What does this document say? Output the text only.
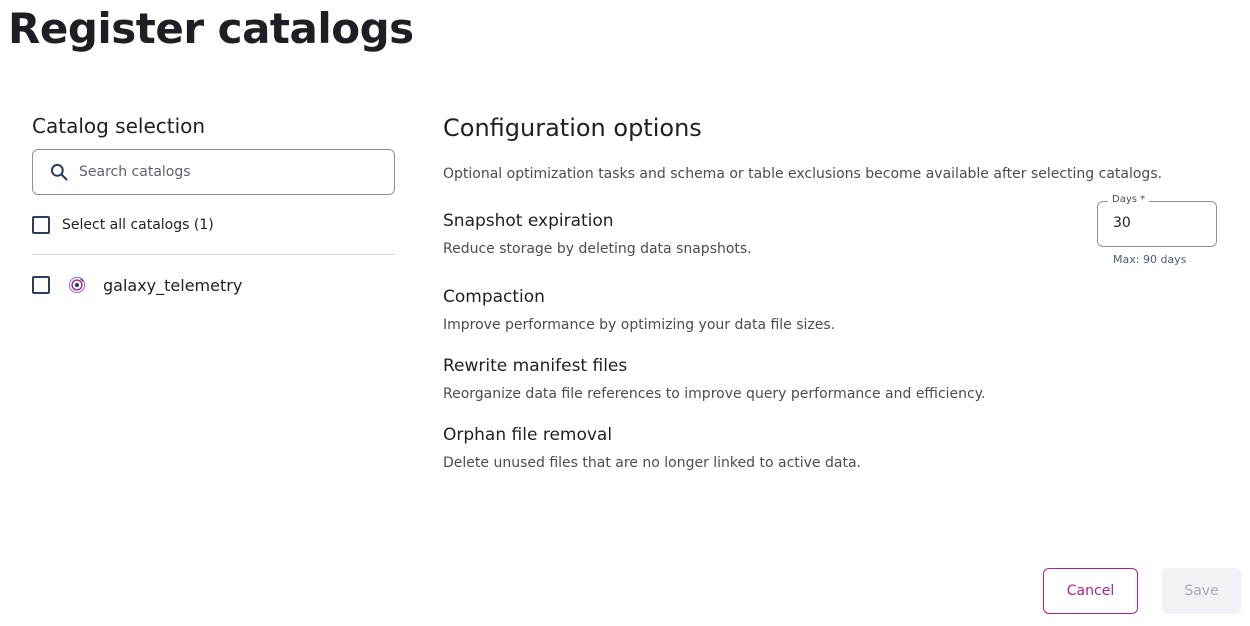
Register catalogs
Catalog selection
Search catalogs
Select all catalogs (1)
galaxy_telemetry
Configuration options
Optional optimization tasks and schema or table exclusions become available after selecting catalogs.
Snapshot expiration
Reduce storage by deleting data snapshots.
Compaction
Improve performance by optimizing your data file sizes.
Rewrite manifest files
Reorganize data file references to improve query performance and efficiency.
Orphan file removal
Delete unused files that are no longer linked to active data.
Days *
30
Max: 90 days
Cancel	Save
